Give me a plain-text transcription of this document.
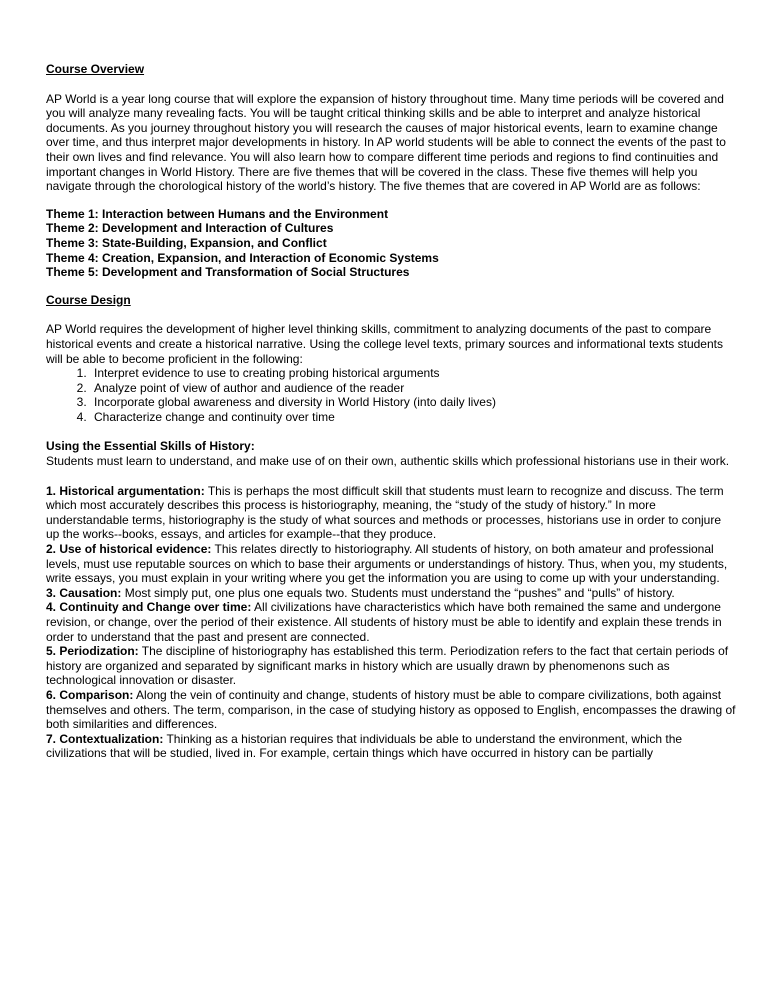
Course Overview

AP World is a year long course that will explore the expansion of history throughout time. Many time periods will be covered and you will analyze many revealing facts. You will be taught critical thinking skills and be able to interpret and analyze historical documents. As you journey throughout history you will research the causes of major historical events, learn to examine change over time, and thus interpret major developments in history. In AP world students will be able to connect the events of the past to their own lives and find relevance. You will also learn how to compare different time periods and regions to find continuities and important changes in World History. There are five themes that will be covered in the class. These five themes will help you navigate through the chorological history of the world’s history. The five themes that are covered in AP World are as follows:

Theme 1: Interaction between Humans and the Environment
Theme 2: Development and Interaction of Cultures
Theme 3: State-Building, Expansion, and Conflict
Theme 4: Creation, Expansion, and Interaction of Economic Systems
Theme 5: Development and Transformation of Social Structures

Course Design

AP World requires the development of higher level thinking skills, commitment to analyzing documents of the past to compare historical events and create a historical narrative. Using the college level texts, primary sources and informational texts students will be able to become proficient in the following:

1. Interpret evidence to use to creating probing historical arguments
2. Analyze point of view of author and audience of the reader
3. Incorporate global awareness and diversity in World History (into daily lives)
4. Characterize change and continuity over time

Using the Essential Skills of History:

Students must learn to understand, and make use of on their own, authentic skills which professional historians use in their work.

1. Historical argumentation: This is perhaps the most difficult skill that students must learn to recognize and discuss. The term which most accurately describes this process is historiography, meaning, the “study of the study of history.” In more understandable terms, historiography is the study of what sources and methods or processes, historians use in order to conjure up the works--books, essays, and articles for example--that they produce.

2. Use of historical evidence: This relates directly to historiography. All students of history, on both amateur and professional levels, must use reputable sources on which to base their arguments or understandings of history. Thus, when you, my students, write essays, you must explain in your writing where you get the information you are using to come up with your understanding.

3. Causation: Most simply put, one plus one equals two. Students must understand the “pushes” and “pulls” of history.

4. Continuity and Change over time: All civilizations have characteristics which have both remained the same and undergone revision, or change, over the period of their existence. All students of history must be able to identify and explain these trends in order to understand that the past and present are connected.

5. Periodization: The discipline of historiography has established this term. Periodization refers to the fact that certain periods of history are organized and separated by significant marks in history which are usually drawn by phenomenons such as technological innovation or disaster.

6. Comparison: Along the vein of continuity and change, students of history must be able to compare civilizations, both against themselves and others. The term, comparison, in the case of studying history as opposed to English, encompasses the drawing of both similarities and differences.

7. Contextualization: Thinking as a historian requires that individuals be able to understand the environment, which the civilizations that will be studied, lived in. For example, certain things which have occurred in history can be partially
